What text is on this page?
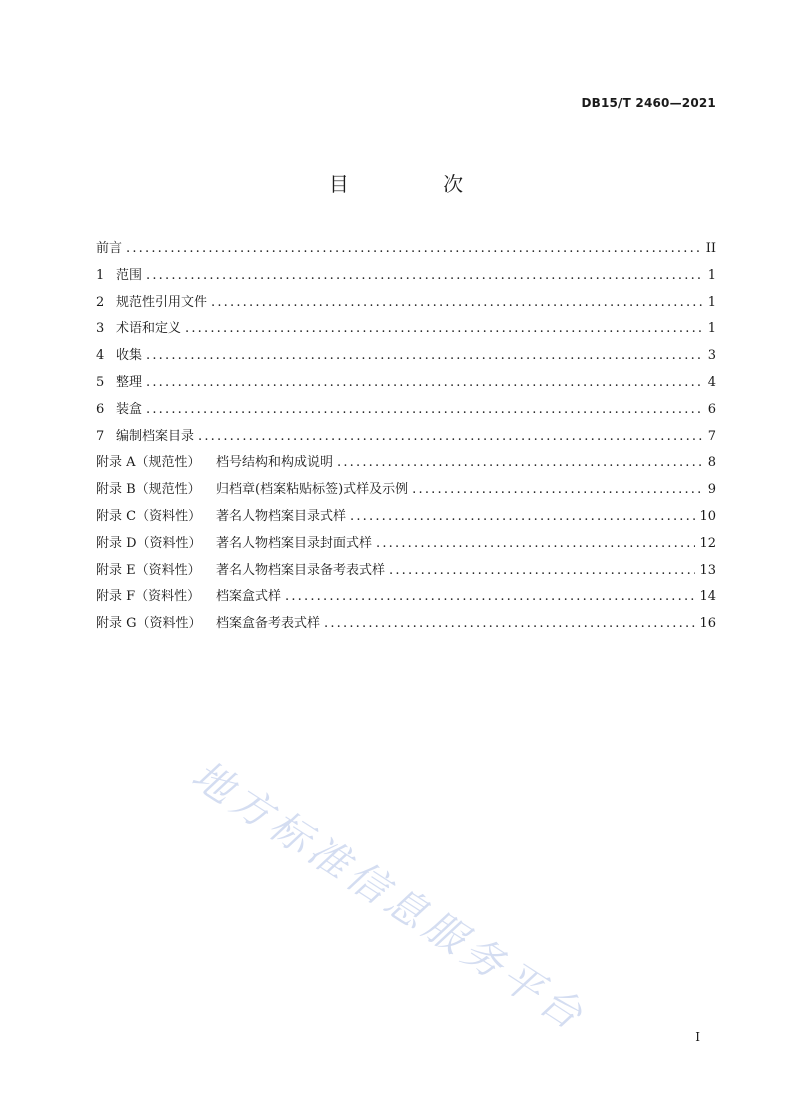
DB15/T 2460—2021
目 次
前言 .....	II
1 范围 .....	1
2 规范性引用文件 .....	1
3 术语和定义 .....	1
4 收集 .....	3
5 整理 .....	4
6 装盒 .....	6
7 编制档案目录 .....	7
附录 A（规范性）	档号结构和构成说明 .....	8
附录 B（规范性）	归档章(档案粘贴标签)式样及示例 .....	9
附录 C（资料性）	著名人物档案目录式样 .....	10
附录 D（资料性）	著名人物档案目录封面式样 .....	12
附录 E（资料性）	著名人物档案目录备考表式样 .....	13
附录 F（资料性）	档案盒式样 .....	14
附录 G（资料性）	档案盒备考表式样 .....	16
地方标准信息服务平台	I
